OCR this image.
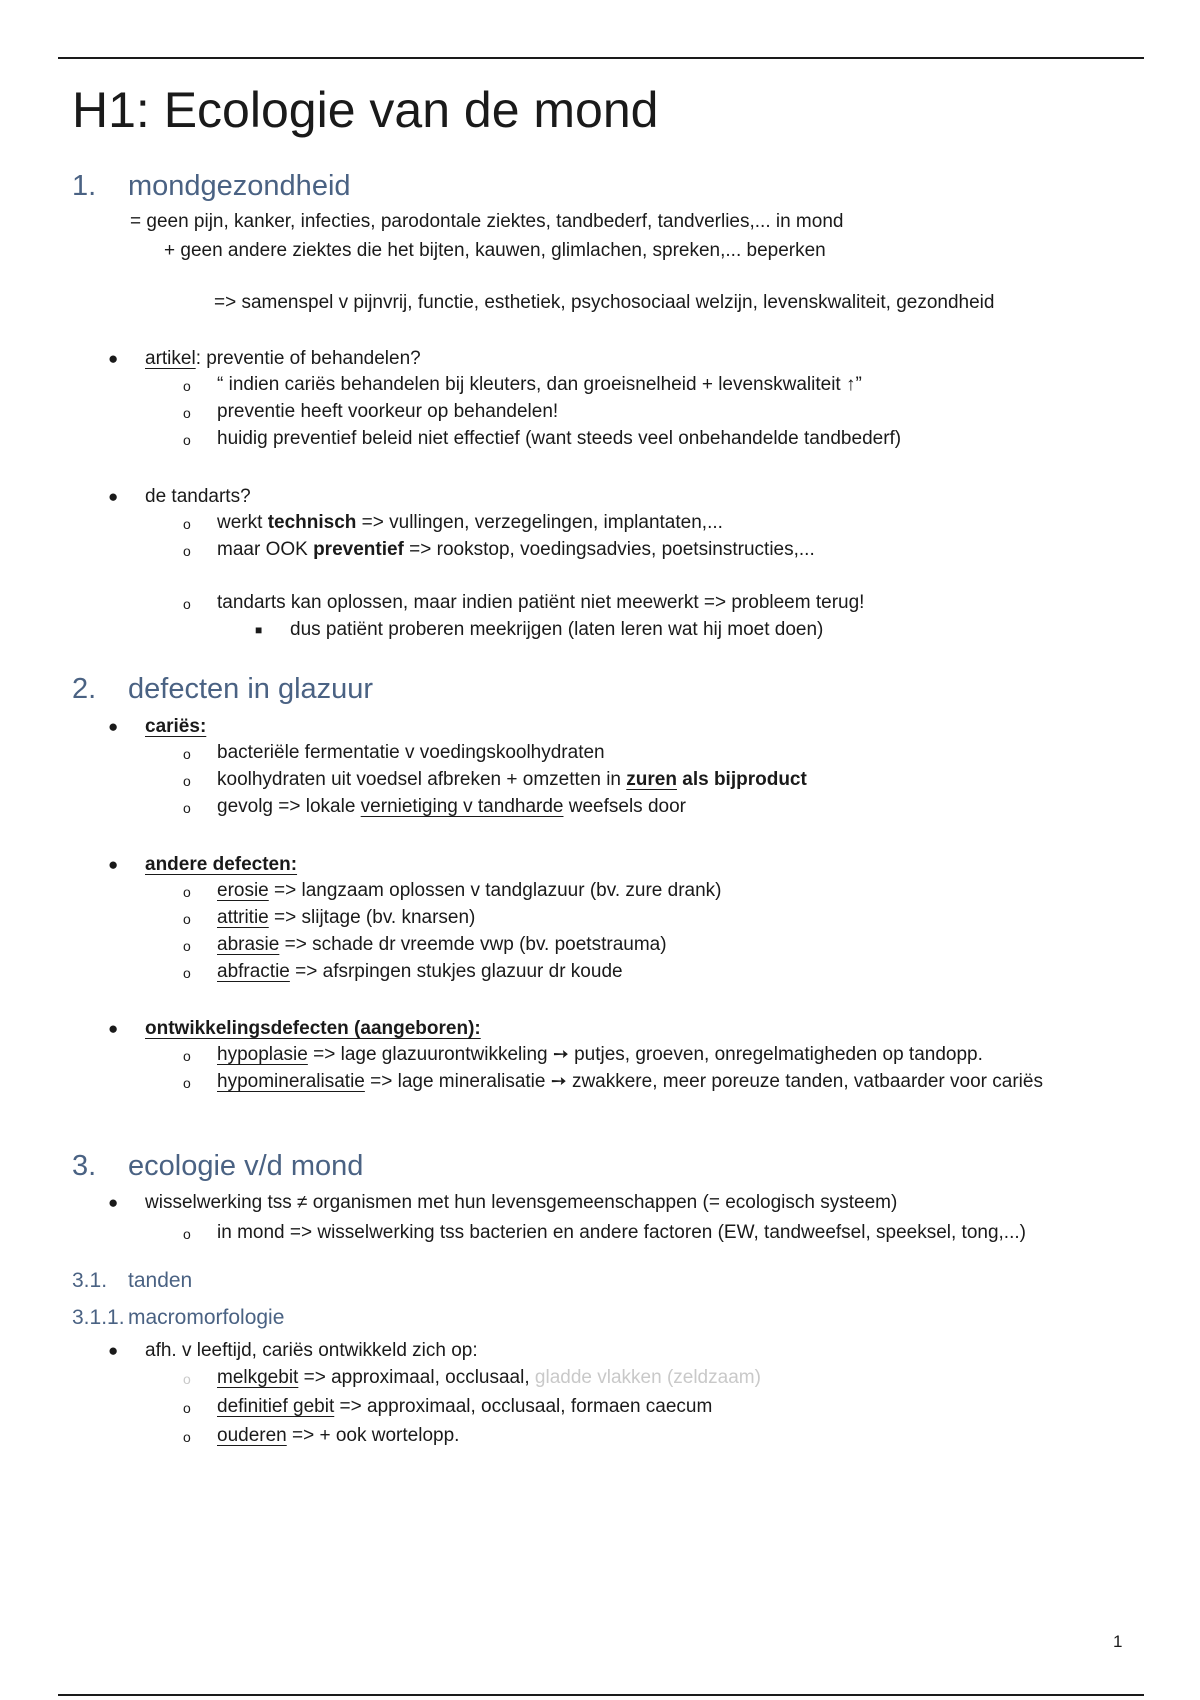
H1: Ecologie van de mond
1. mondgezondheid
= geen pijn, kanker, infecties, parodontale ziektes, tandbederf, tandverlies,... in mond
+ geen andere ziektes die het bijten, kauwen, glimlachen, spreken,... beperken
=> samenspel v pijnvrij, functie, esthetiek, psychosociaal welzijn, levenskwaliteit, gezondheid
● artikel: preventie of behandelen?
o “ indien cariës behandelen bij kleuters, dan groeisnelheid + levenskwaliteit ↑”
o preventie heeft voorkeur op behandelen!
o huidig preventief beleid niet effectief (want steeds veel onbehandelde tandbederf)
● de tandarts?
o werkt technisch => vullingen, verzegelingen, implantaten,...
o maar OOK preventief => rookstop, voedingsadvies, poetsinstructies,...
o tandarts kan oplossen, maar indien patiënt niet meewerkt => probleem terug!
■ dus patiënt proberen meekrijgen (laten leren wat hij moet doen)
2. defecten in glazuur
● cariës:
o bacteriële fermentatie v voedingskoolhydraten
o koolhydraten uit voedsel afbreken + omzetten in zuren als bijproduct
o gevolg => lokale vernietiging v tandharde weefsels door
● andere defecten:
o erosie => langzaam oplossen v tandglazuur (bv. zure drank)
o attritie => slijtage (bv. knarsen)
o abrasie => schade dr vreemde vwp (bv. poetstrauma)
o abfractie => afsrpingen stukjes glazuur dr koude
● ontwikkelingsdefecten (aangeboren):
o hypoplasie => lage glazuurontwikkeling ➙ putjes, groeven, onregelmatigheden op tandopp.
o hypomineralisatie => lage mineralisatie ➙ zwakkere, meer poreuze tanden, vatbaarder voor cariës
3. ecologie v/d mond
● wisselwerking tss ≠ organismen met hun levensgemeenschappen (= ecologisch systeem)
o in mond => wisselwerking tss bacterien en andere factoren (EW, tandweefsel, speeksel, tong,...)
3.1. tanden
3.1.1. macromorfologie
● afh. v leeftijd, cariës ontwikkeld zich op:
o melkgebit => approximaal, occlusaal, gladde vlakken (zeldzaam)
o definitief gebit => approximaal, occlusaal, formaen caecum
o ouderen => + ook wortelopp.
1
